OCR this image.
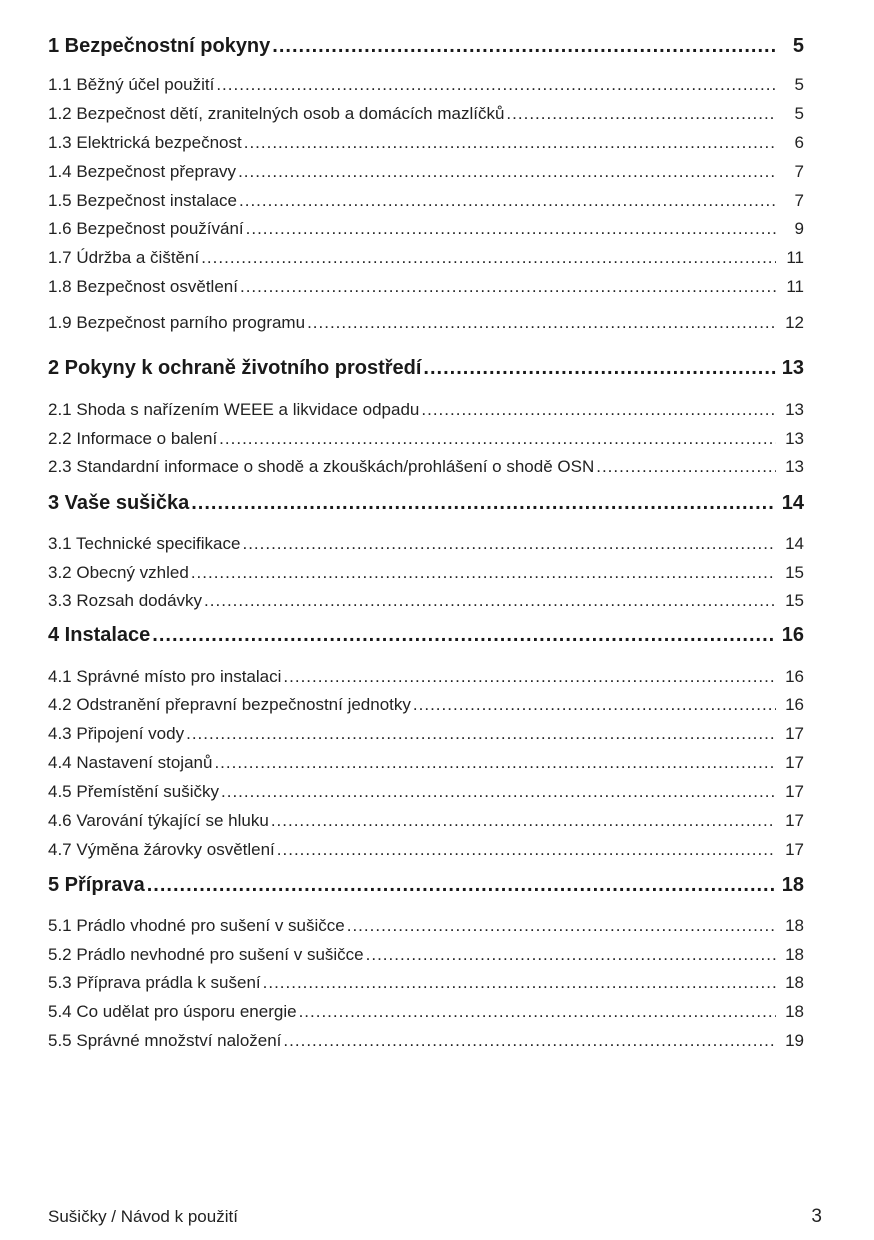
1 Bezpečnostní pokyny .....	5
1.1 Běžný účel použití .....	5
1.2 Bezpečnost dětí, zranitelných osob a domácích mazlíčků .....	5
1.3 Elektrická bezpečnost .....	6
1.4 Bezpečnost přepravy .....	7
1.5 Bezpečnost instalace .....	7
1.6 Bezpečnost používání .....	9
1.7 Údržba a čištění .....	11
1.8 Bezpečnost osvětlení .....	11
1.9 Bezpečnost parního programu .....	12
2 Pokyny k ochraně životního prostředí .....	13
2.1 Shoda s nařízením WEEE a likvidace odpadu .....	13
2.2 Informace o balení .....	13
2.3 Standardní informace o shodě a zkouškách/prohlášení o shodě OSN .....	13
3 Vaše sušička .....	14
3.1 Technické specifikace .....	14
3.2 Obecný vzhled .....	15
3.3 Rozsah dodávky .....	15
4 Instalace .....	16
4.1 Správné místo pro instalaci .....	16
4.2 Odstranění přepravní bezpečnostní jednotky .....	16
4.3 Připojení vody .....	17
4.4 Nastavení stojanů .....	17
4.5 Přemístění sušičky .....	17
4.6 Varování týkající se hluku .....	17
4.7 Výměna žárovky osvětlení .....	17
5 Příprava .....	18
5.1 Prádlo vhodné pro sušení v sušičce .....	18
5.2 Prádlo nevhodné pro sušení v sušičce .....	18
5.3 Příprava prádla k sušení .....	18
5.4 Co udělat pro úsporu energie .....	18
5.5 Správné množství naložení .....	19
Sušičky / Návod k použití	3
